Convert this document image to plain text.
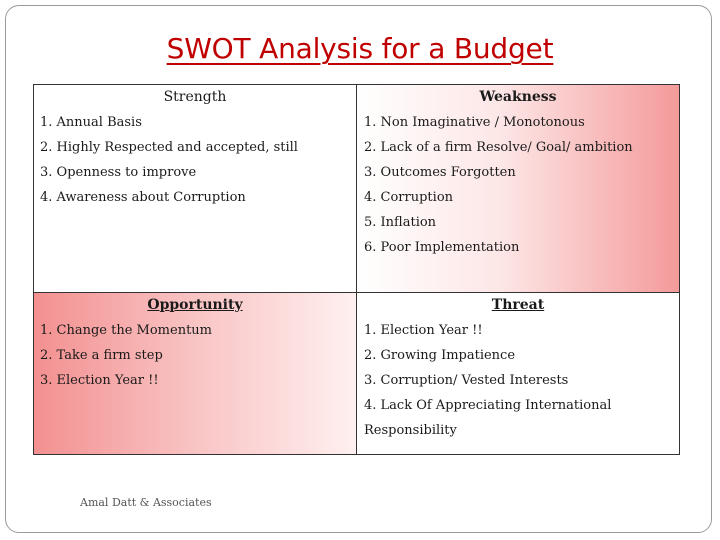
SWOT Analysis for a Budget
Strength
1. Annual Basis
2. Highly Respected and accepted, still
3. Openness to improve
4. Awareness about Corruption
Weakness
1. Non Imaginative / Monotonous
2. Lack of a firm Resolve/ Goal/ ambition
3. Outcomes Forgotten
4. Corruption
5. Inflation
6. Poor Implementation
Opportunity
1. Change the Momentum
2. Take a firm step
3. Election Year !!
Threat
1. Election Year !!
2. Growing Impatience
3. Corruption/ Vested Interests
4. Lack Of Appreciating International
Responsibility
Amal Datt & Associates
